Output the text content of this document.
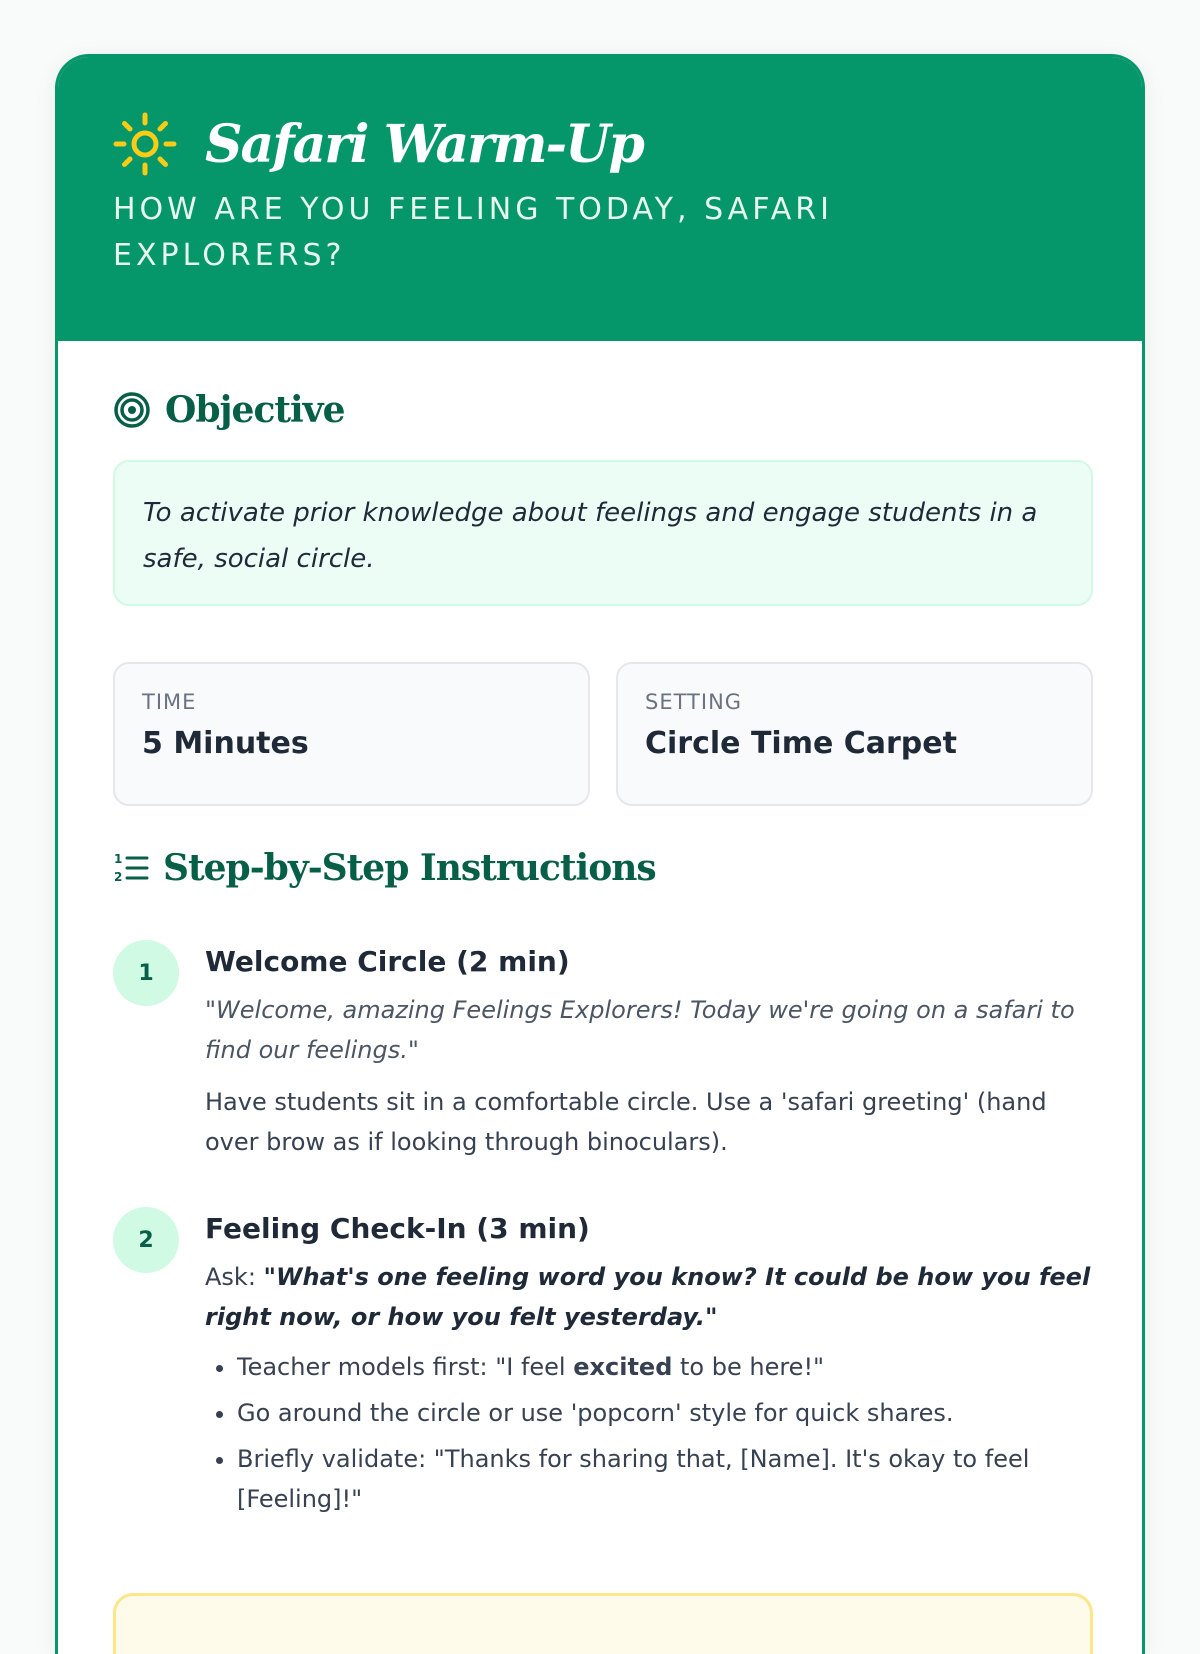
Safari Warm-Up
HOW ARE YOU FEELING TODAY, SAFARI EXPLORERS?
Objective
To activate prior knowledge about feelings and engage students in a safe, social circle.
TIME
5 Minutes
SETTING
Circle Time Carpet
1
2 Step-by-Step Instructions
1	Welcome Circle (2 min)
"Welcome, amazing Feelings Explorers! Today we're going on a safari to find our feelings."
Have students sit in a comfortable circle. Use a 'safari greeting' (hand over brow as if looking through binoculars).
2	Feeling Check-In (3 min)
Ask: "What's one feeling word you know? It could be how you feel right now, or how you felt yesterday."
• Teacher models first: "I feel excited to be here!"
• Go around the circle or use 'popcorn' style for quick shares.
• Briefly validate: "Thanks for sharing that, [Name]. It's okay to feel [Feeling]!"
